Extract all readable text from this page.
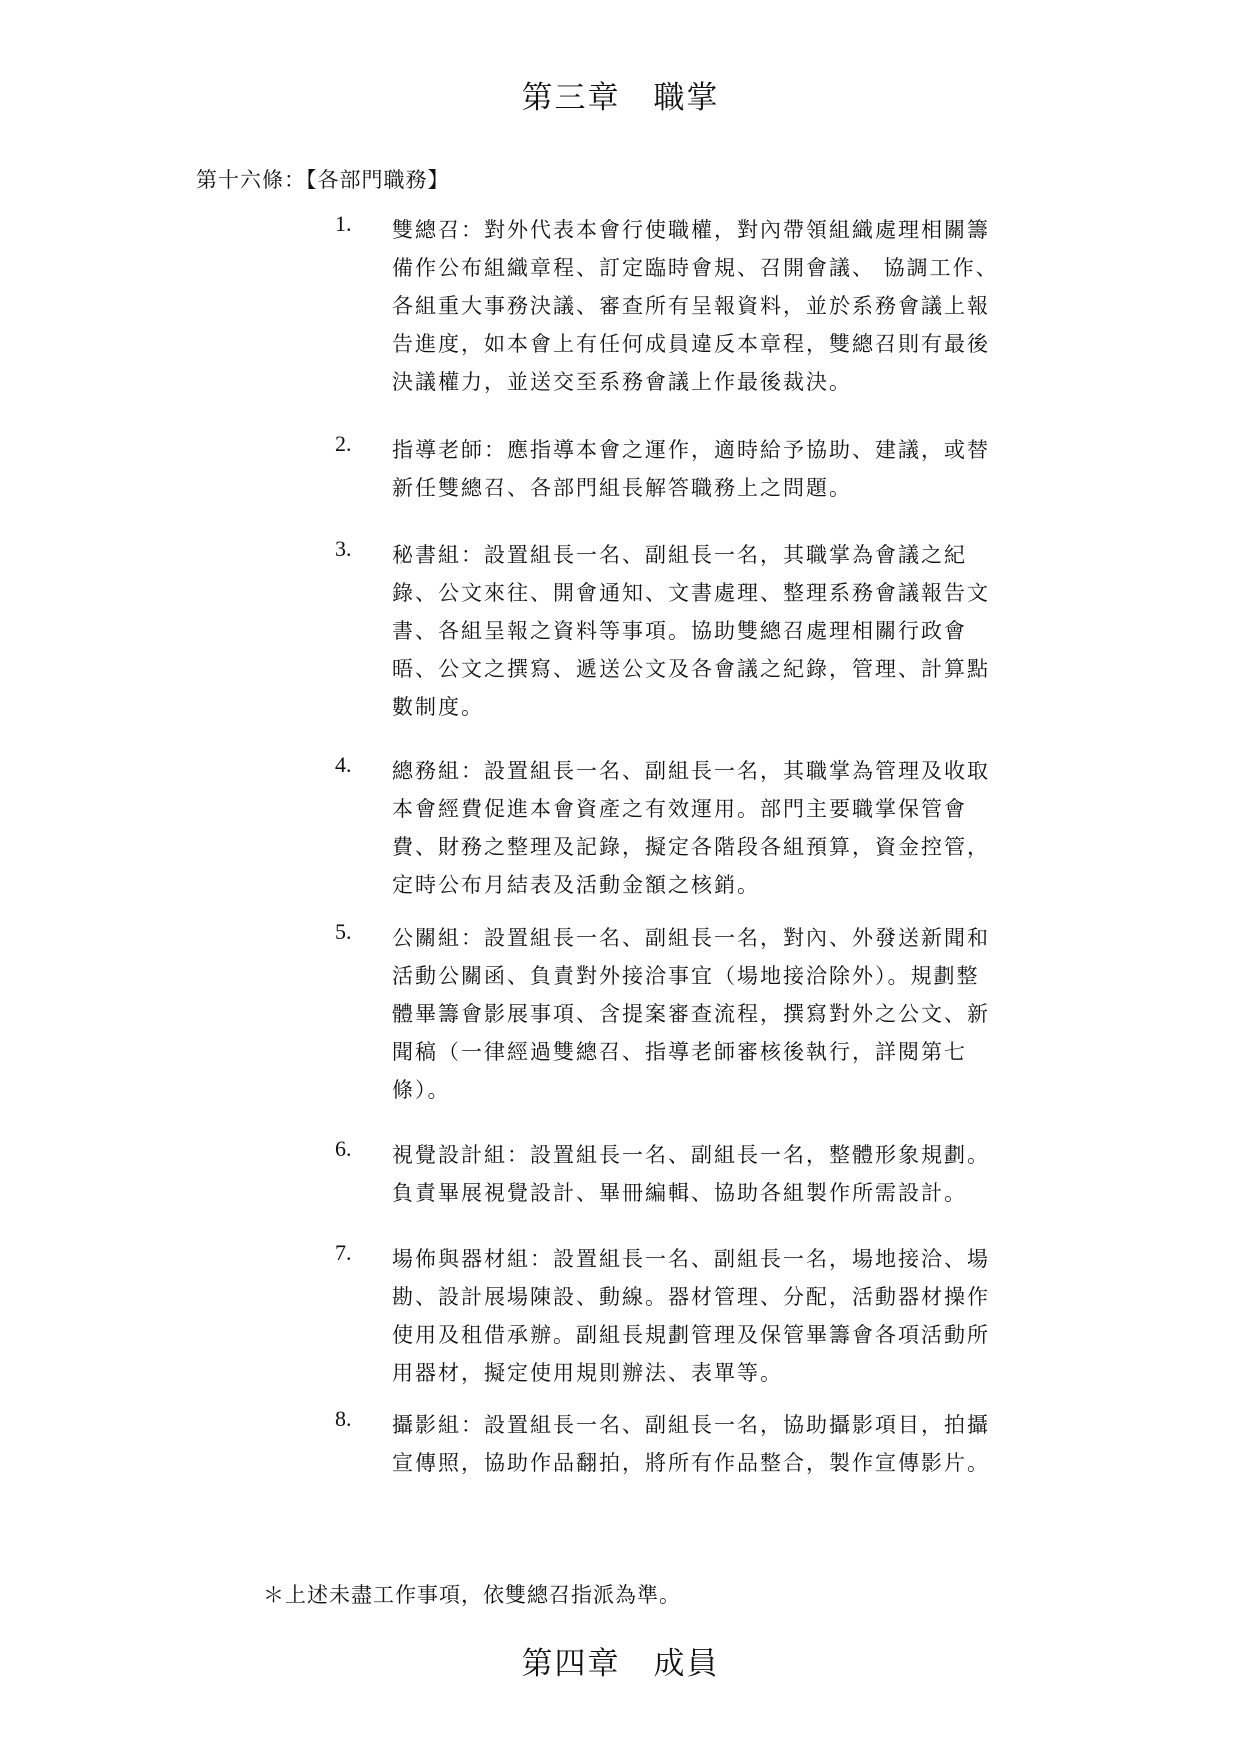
第三章　職掌
第十六條：【各部門職務】
1. 雙總召：對外代表本會行使職權，對內帶領組織處理相關籌
備作公布組織章程、訂定臨時會規、召開會議、 協調工作、
各組重大事務決議、審查所有呈報資料，並於系務會議上報
告進度，如本會上有任何成員違反本章程，雙總召則有最後
決議權力，並送交至系務會議上作最後裁決。
2. 指導老師：應指導本會之運作，適時給予協助、建議，或替
新任雙總召、各部門組長解答職務上之問題。
3. 秘書組：設置組長一名、副組長一名，其職掌為會議之紀
錄、公文來往、開會通知、文書處理、整理系務會議報告文
書、各組呈報之資料等事項。協助雙總召處理相關行政會
晤、公文之撰寫、遞送公文及各會議之紀錄，管理、計算點
數制度。
4. 總務組：設置組長一名、副組長一名，其職掌為管理及收取
本會經費促進本會資產之有效運用。部門主要職掌保管會
費、財務之整理及記錄，擬定各階段各組預算，資金控管，
定時公布月結表及活動金額之核銷。
5. 公關組：設置組長一名、副組長一名，對內、外發送新聞和
活動公關函、負責對外接洽事宜（場地接洽除外）。規劃整
體畢籌會影展事項、含提案審查流程，撰寫對外之公文、新
聞稿（一律經過雙總召、指導老師審核後執行，詳閱第七
條）。
6. 視覺設計組：設置組長一名、副組長一名，整體形象規劃。
負責畢展視覺設計、畢冊編輯、協助各組製作所需設計。
7. 場佈與器材組：設置組長一名、副組長一名，場地接洽、場
勘、設計展場陳設、動線。器材管理、分配，活動器材操作
使用及租借承辦。副組長規劃管理及保管畢籌會各項活動所
用器材，擬定使用規則辦法、表單等。
8. 攝影組：設置組長一名、副組長一名，協助攝影項目，拍攝
宣傳照，協助作品翻拍，將所有作品整合，製作宣傳影片。
＊上述未盡工作事項，依雙總召指派為準。
第四章　成員
